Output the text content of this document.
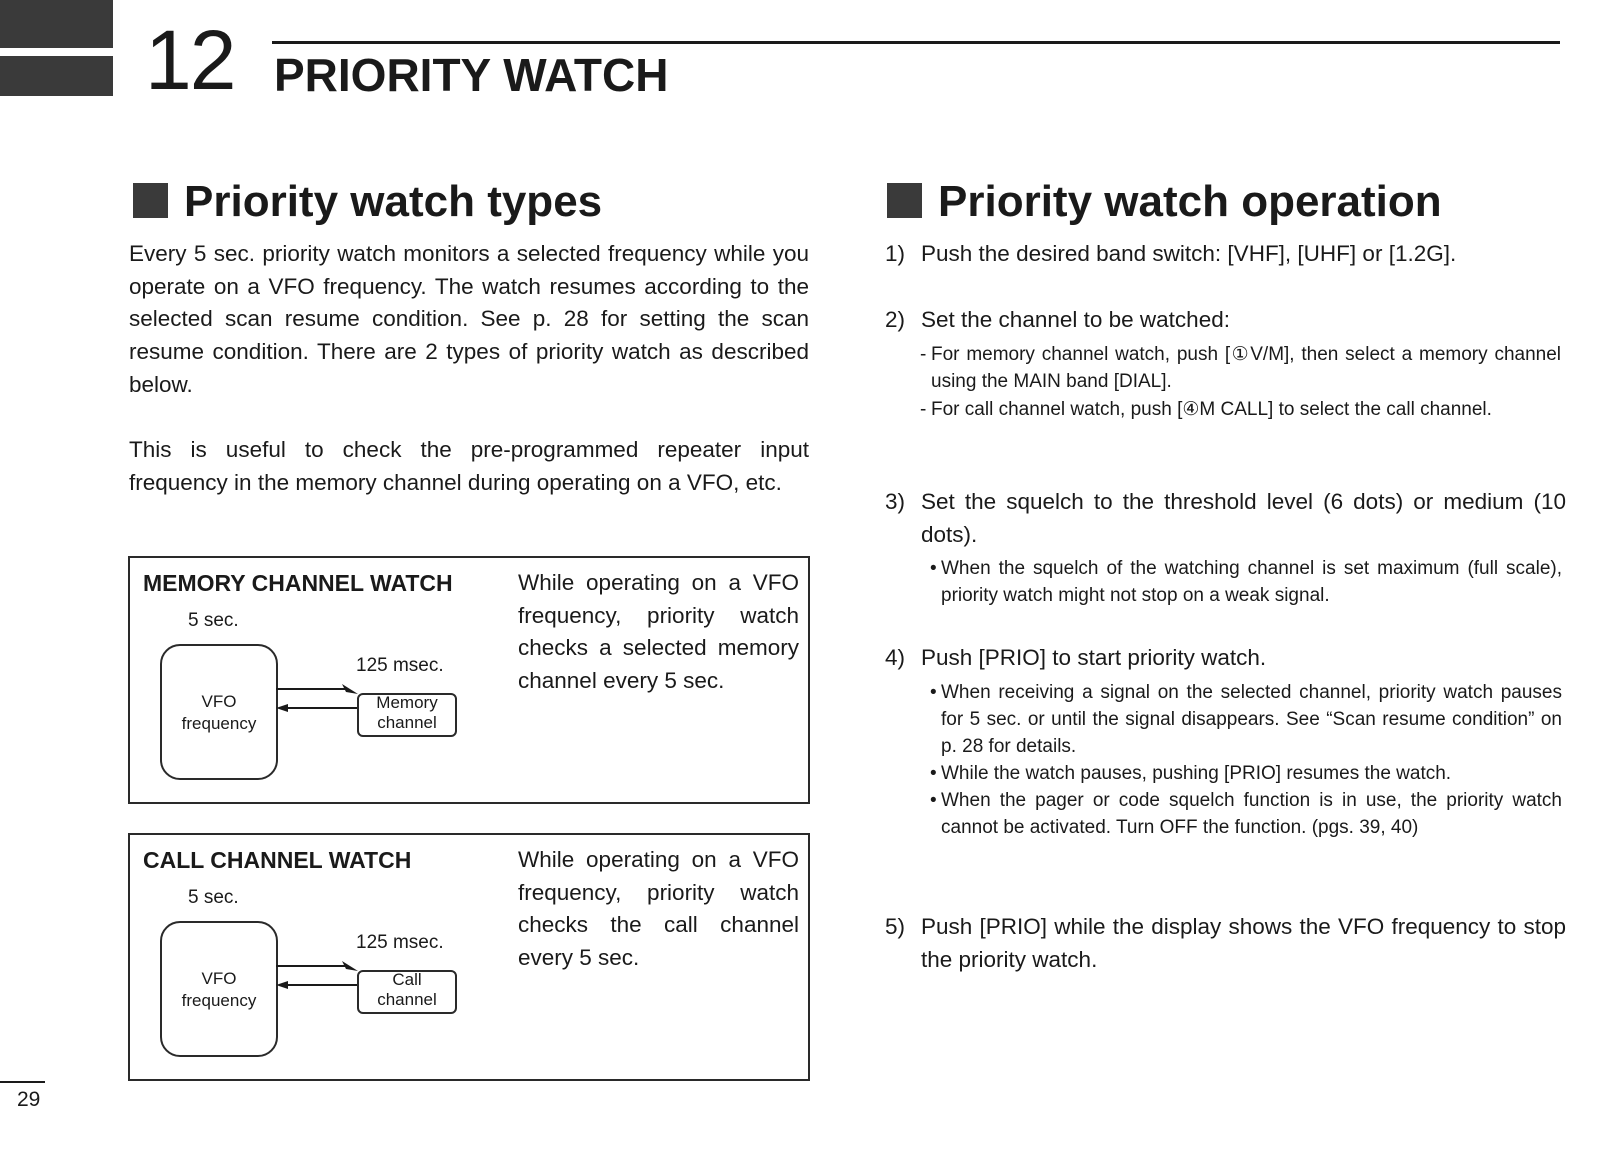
12 PRIORITY WATCH
Priority watch types
Every 5 sec. priority watch monitors a selected frequency while you operate on a VFO frequency. The watch resumes according to the selected scan resume condition. See p. 28 for setting the scan resume condition. There are 2 types of priority watch as described below.
This is useful to check the pre-programmed repeater input frequency in the memory channel during operating on a VFO, etc.
MEMORY CHANNEL WATCH	While operating on a VFO frequency, priority watch checks a selected memory channel every 5 sec.
5 sec.
125 msec.
VFO
frequency
Memory
channel
CALL CHANNEL WATCH	While operating on a VFO frequency, priority watch checks the call channel every 5 sec.
5 sec.
125 msec.
VFO
frequency
Call
channel
Priority watch operation
1) Push the desired band switch: [VHF], [UHF] or [1.2G].
2) Set the channel to be watched:
- For memory channel watch, push [①V/M], then select a memory channel using the MAIN band [DIAL].
- For call channel watch, push [④M CALL] to select the call channel.
3) Set the squelch to the threshold level (6 dots) or medium (10 dots).
• When the squelch of the watching channel is set maximum (full scale), priority watch might not stop on a weak signal.
4) Push [PRIO] to start priority watch.
• When receiving a signal on the selected channel, priority watch pauses for 5 sec. or until the signal disappears. See “Scan resume condition” on p. 28 for details.
• While the watch pauses, pushing [PRIO] resumes the watch.
• When the pager or code squelch function is in use, the priority watch cannot be activated. Turn OFF the function. (pgs. 39, 40)
5) Push [PRIO] while the display shows the VFO frequency to stop the priority watch.
29
